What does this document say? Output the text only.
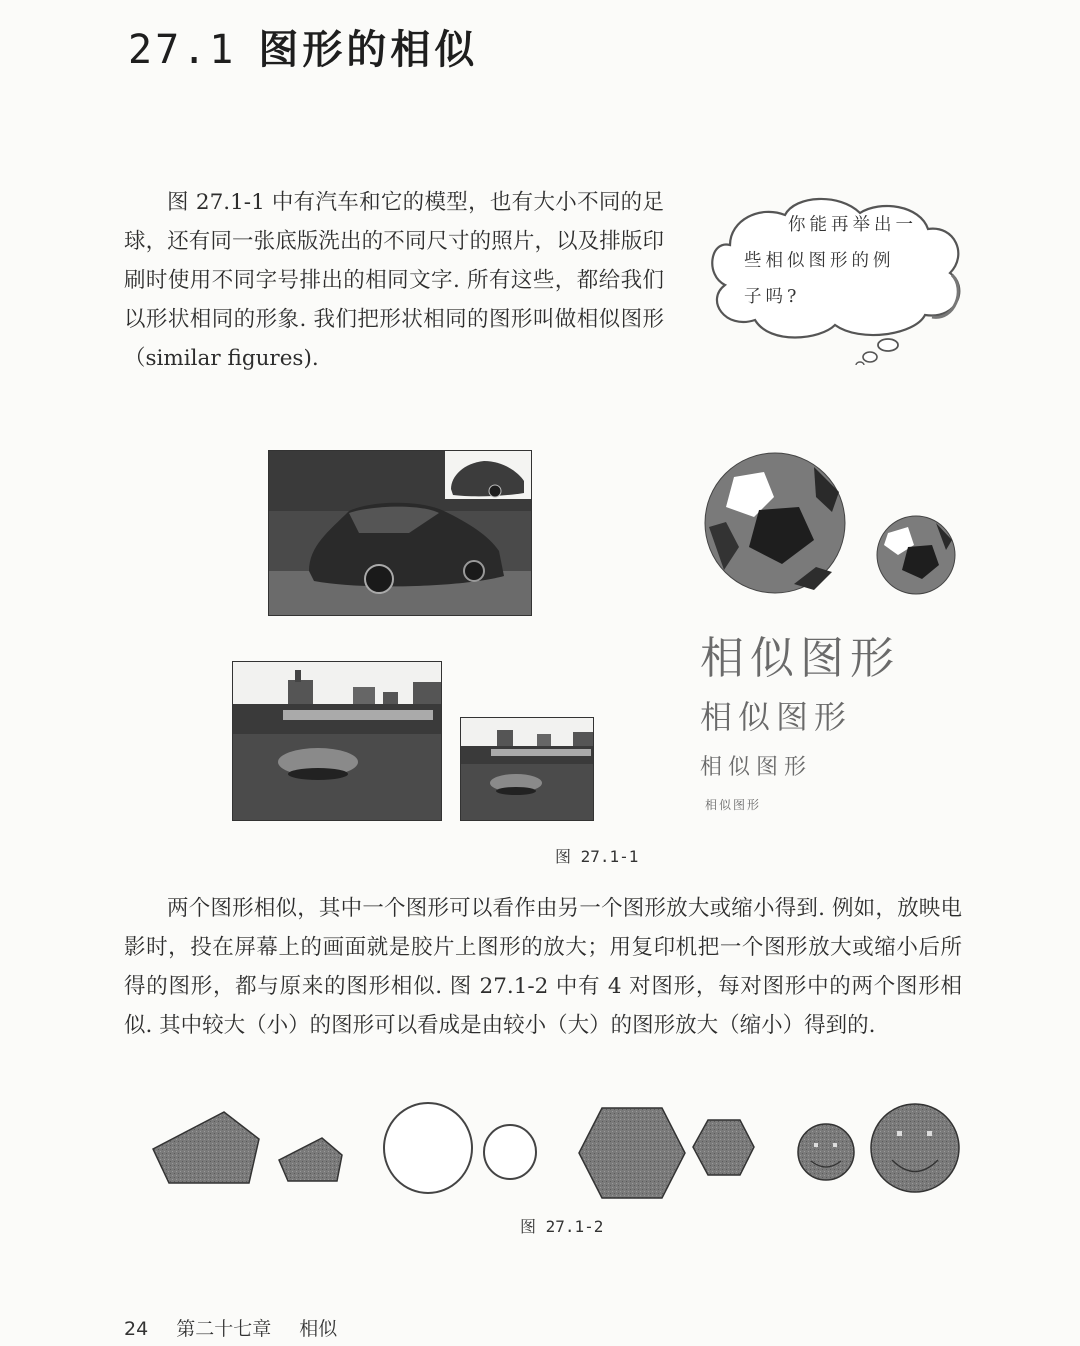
27.1 图形的相似

图 27.1-1 中有汽车和它的模型，也有大小不同的足球，还有同一张底版洗出的不同尺寸的照片，以及排版印刷时使用不同字号排出的相同文字. 所有这些，都给我们以形状相同的形象. 我们把形状相同的图形叫做相似图形（similar figures).

你能再举出一
些相似图形的例
子吗?
相似图形
相似图形
相似图形
相似图形
图 27.1-1

两个图形相似，其中一个图形可以看作由另一个图形放大或缩小得到. 例如，放映电影时，投在屏幕上的画面就是胶片上图形的放大；用复印机把一个图形放大或缩小后所得的图形，都与原来的图形相似. 图 27.1-2 中有 4 对图形，每对图形中的两个图形相似. 其中较大（小）的图形可以看成是由较小（大）的图形放大（缩小）得到的.

图 27.1-2
24 第二十七章 相似
